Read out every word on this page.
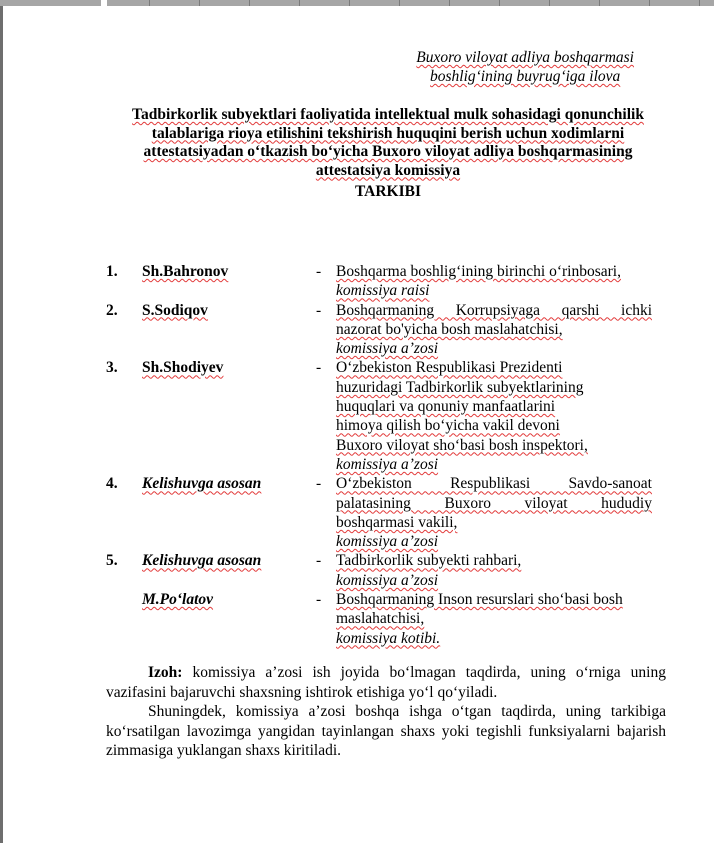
Buxoro viloyat adliya boshqarmasi
boshlig‘ining buyrug‘iga ilova
Tadbirkorlik subyektlari faoliyatida intellektual mulk sohasidagi qonunchilik
talablariga rioya etilishini tekshirish huquqini berish uchun xodimlarni
attestatsiyadan o‘tkazish bo‘yicha Buxoro viloyat adliya boshqarmasining
attestatsiya komissiya
TARKIBI
1. Sh.Bahronov	- Boshqarma boshlig‘ining birinchi o‘rinbosari,
komissiya raisi
2. S.Sodiqov	- Boshqarmaning Korrupsiyaga qarshi ichki
nazorat bo'yicha bosh maslahatchisi,
komissiya a’zosi
3. Sh.Shodiyev	- O‘zbekiston Respublikasi Prezidenti
huzuridagi Tadbirkorlik subyektlarining
huquqlari va qonuniy manfaatlarini
himoya qilish bo‘yicha vakil devoni
Buxoro viloyat sho‘basi bosh inspektori,
komissiya a’zosi
4. Kelishuvga asosan	- O‘zbekiston Respublikasi Savdo-sanoat
palatasining Buxoro viloyat hududiy
boshqarmasi vakili,
komissiya a’zosi
5. Kelishuvga asosan	- Tadbirkorlik subyekti rahbari,
komissiya a’zosi
M.Po‘latov	- Boshqarmaning Inson resurslari sho‘basi bosh
maslahatchisi,
komissiya kotibi.

Izoh: komissiya a’zosi ish joyida bo‘lmagan taqdirda, uning o‘rniga uning vazifasini bajaruvchi shaxsning ishtirok etishiga yo‘l qo‘yiladi.

Shuningdek, komissiya a’zosi boshqa ishga o‘tgan taqdirda, uning tarkibiga ko‘rsatilgan lavozimga yangidan tayinlangan shaxs yoki tegishli funksiyalarni bajarish zimmasiga yuklangan shaxs kiritiladi.
